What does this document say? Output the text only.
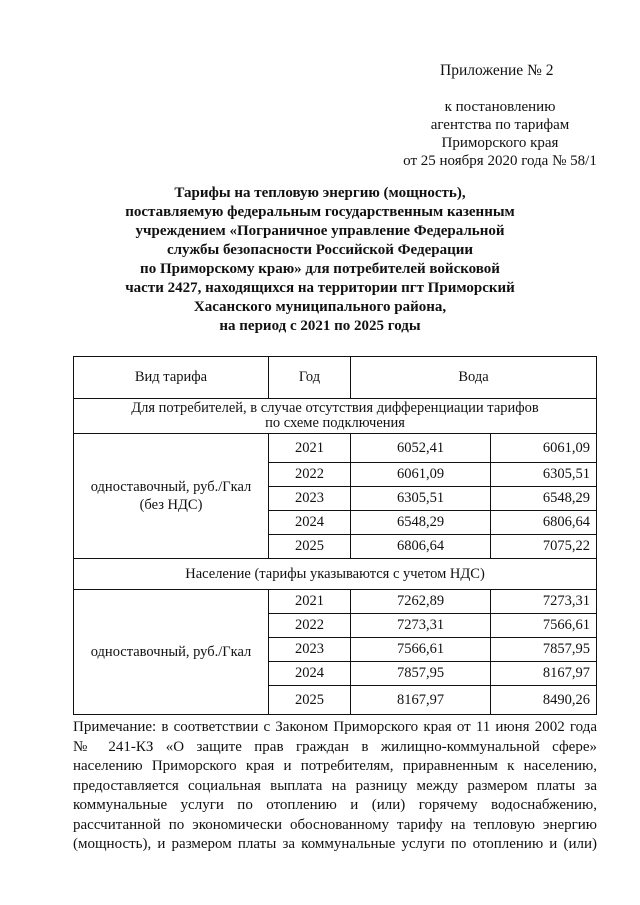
Приложение № 2
к постановлению
агентства по тарифам
Приморского края
от 25 ноября 2020 года № 58/1
Тарифы на тепловую энергию (мощность),
поставляемую федеральным государственным казенным
учреждением «Пограничное управление Федеральной
службы безопасности Российской Федерации
по Приморскому краю» для потребителей войсковой
части 2427, находящихся на территории пгт Приморский
Хасанского муниципального района,
на период с 2021 по 2025 годы
Вид тарифа	Год	Вода	

Для потребителей, в случае отсутствия дифференциации тарифов
по схеме подключения			

одноставочный, руб./Гкал
(без НДС)	2021	6052,41	6061,09
	2022	6061,09	6305,51
	2023	6305,51	6548,29
	2024	6548,29	6806,64
	2025	6806,64	7075,22
Население (тарифы указываются с учетом НДС)			

одноставочный, руб./Гкал	2021	7262,89	7273,31
	2022	7273,31	7566,61
	2023	7566,61	7857,95
	2024	7857,95	8167,97
	2025	8167,97	8490,26
Примечание: в соответствии с Законом Приморского края от 11 июня 2002 года
№ 241-КЗ «О защите прав граждан в жилищно-коммунальной сфере»
населению Приморского края и потребителям, приравненным к населению,
предоставляется социальная выплата на разницу между размером платы за
коммунальные услуги по отоплению и (или) горячему водоснабжению,
рассчитанной по экономически обоснованному тарифу на тепловую энергию
(мощность), и размером платы за коммунальные услуги по отоплению и (или)
